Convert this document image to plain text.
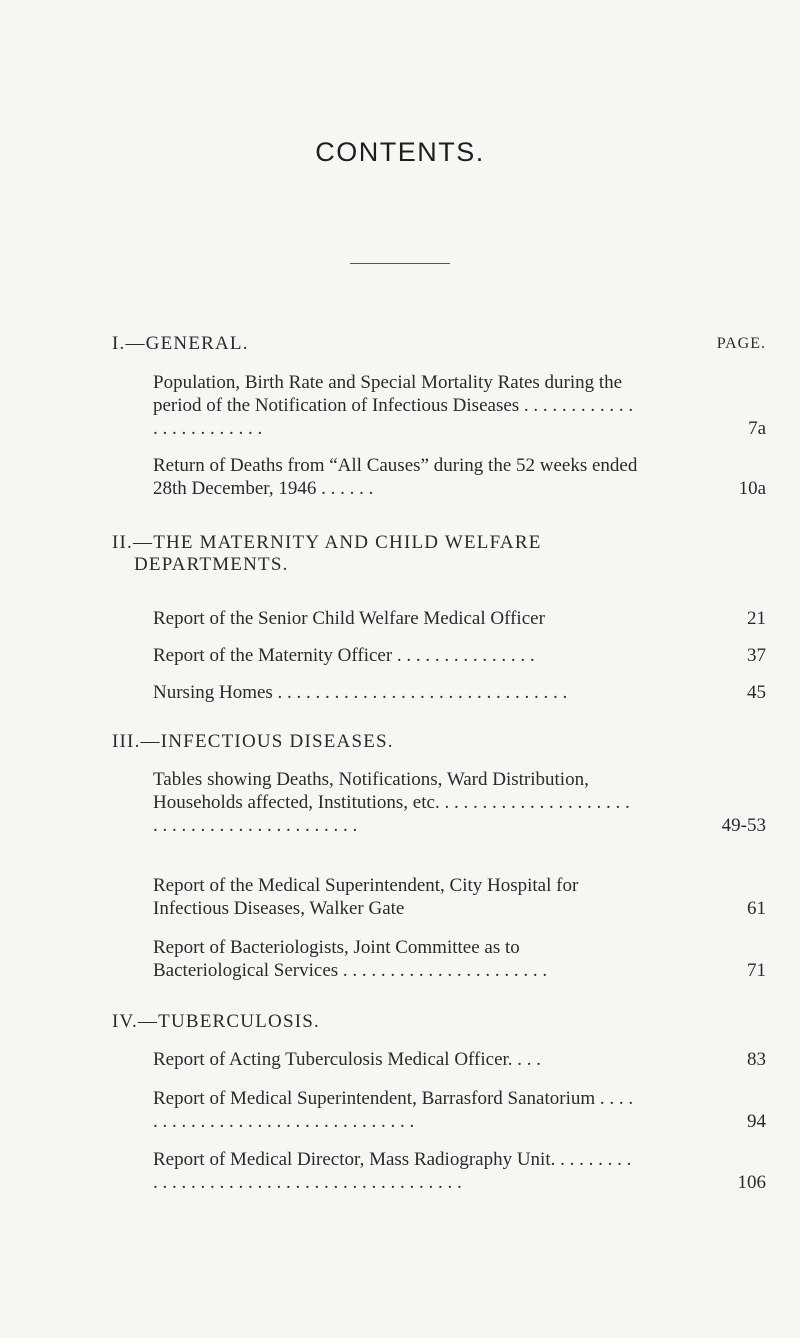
CONTENTS.
PAGE.
I.—GENERAL.
Population, Birth Rate and Special Mortality Rates during the period of the Notification of Infectious Diseases . . . . . . . . . . . . . . . . . . . . . . . .	7a
Return of Deaths from “All Causes” during the 52 weeks ended 28th December, 1946 . . . . . .	10a
II.—THE MATERNITY AND CHILD WELFARE
DEPARTMENTS.
Report of the Senior Child Welfare Medical Officer	21
Report of the Maternity Officer . . . . . . . . . . . . . . .	37
Nursing Homes . . . . . . . . . . . . . . . . . . . . . . . . . . . . . . .	45
III.—INFECTIOUS DISEASES.
Tables showing Deaths, Notifications, Ward Distribution, Households affected, Institutions, etc. . . . . . . . . . . . . . . . . . . . . . . . . . . . . . . . . . . . . . . . . . .	49-53
Report of the Medical Superintendent, City Hospital for Infectious Diseases, Walker Gate	61
Report of Bacteriologists, Joint Committee as to Bacteriological Services . . . . . . . . . . . . . . . . . . . . . .	71
IV.—TUBERCULOSIS.
Report of Acting Tuberculosis Medical Officer. . . .	83
Report of Medical Superintendent, Barrasford Sanatorium . . . . . . . . . . . . . . . . . . . . . . . . . . . . . . . .	94
Report of Medical Director, Mass Radiography Unit. . . . . . . . . . . . . . . . . . . . . . . . . . . . . . . . . . . . . . . . . .	106
